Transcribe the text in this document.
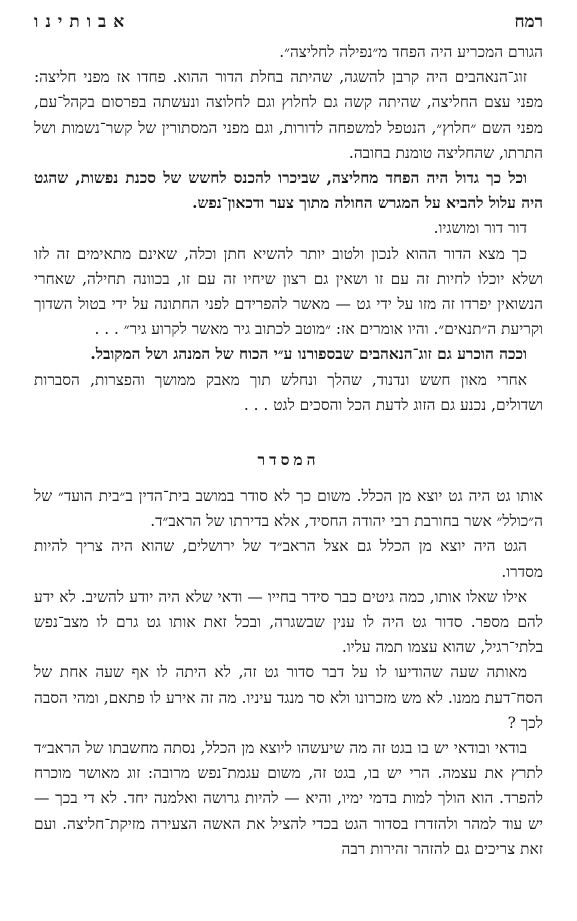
רמח
אבותינו

הגורם המכריע היה הפחד מ״נפילה לחליצה״.

זוג־הנאהבים היה קרבן להשגה, שהיתה בחלת הדור ההוא. פחדו אז מפני חליצה: מפני עצם החליצה, שהיתה קשה גם לחלוץ וגם לחלוצה ונעשתה בפרסום בקהל־עם, מפני השם ״חלוץ״, הנטפל למשפחה לדורות, וגם מפני המסתורין של קשר־נשמות ושל התרתו, שהחליצה טומנת בחובה.

וכל כך גדול היה הפחד מחליצה, שביכרו להכנס לחשש של סכנת נפשות, שהגט היה עלול להביא על המגרש החולה מתוך צער ודכאון־נפש.

דור דור ומושגיו.

כך מצא הדור ההוא לנכון ולטוב יותר להשיא חתן וכלה, שאינם מתאימים זה לזו ושלא יוכלו לחיות זה עם זו ושאין גם רצון שיחיו זה עם זו, בכוונה תחילה, שאחרי הנשואין יפרדו זה מזו על ידי גט — מאשר להפרידם לפני החתונה על ידי בטול השדוך וקריעת ה״תנאים״. והיו אומרים אז: ״מוטב לכתוב גיר מאשר לקרוע גיר״ . . .

וככה הוכרע גם זוג־הנאהבים שבספורנו ע״י הכוח של המנהג ושל המקובל.

אחרי מאון חשש ונדנוד, שהלך ונחלש תוך מאבק ממושך והפצרות, הסברות ושדולים, נכנע גם הזוג לדעת הכל והסכים לגט . . .

המסדר

אותו גט היה גט יוצא מן הכלל. משום כך לא סודר במושב בית־הדין ב״בית הועד״ של ה״כולל״ אשר בחורבת רבי יהודה החסיד, אלא בדירתו של הראב״ד.

הגט היה יוצא מן הכלל גם אצל הראב״ד של ירושלים, שהוא היה צריך להיות מסדרו.

אילו שאלו אותו, כמה גיטים כבר סידר בחייו — ודאי שלא היה יודע להשיב. לא ידע להם מספר. סדור גט היה לו ענין שבשגרה, ובכל זאת אותו גט גרם לו מצב־נפש בלתי־רגיל, שהוא עצמו תמה עליו.

מאותה שעה שהודיעו לו על דבר סדור גט זה, לא היתה לו אף שעה אחת של הסח־דעת ממנו. לא מש מזכרונו ולא סר מנגד עיניו. מה זה אירע לו פתאם, ומהי הסבה לכך ?

בודאי ובודאי יש בו בגט זה מה שיעשהו ליוצא מן הכלל, נסתה מחשבתו של הראב״ד לתרץ את עצמה. הרי יש בו, בגט זה, משום עגמת־נפש מרובה: זוג מאושר מוכרח להפרד. הוא הולך למות בדמי ימיו, והיא — להיות גרושה ואלמנה יחד. לא די בכך — יש עוד למהר ולהזדרז בסדור הגט בכדי להציל את האשה הצעירה מזיקת־חליצה. ועם זאת צריכים גם להזהר זהירות רבה
